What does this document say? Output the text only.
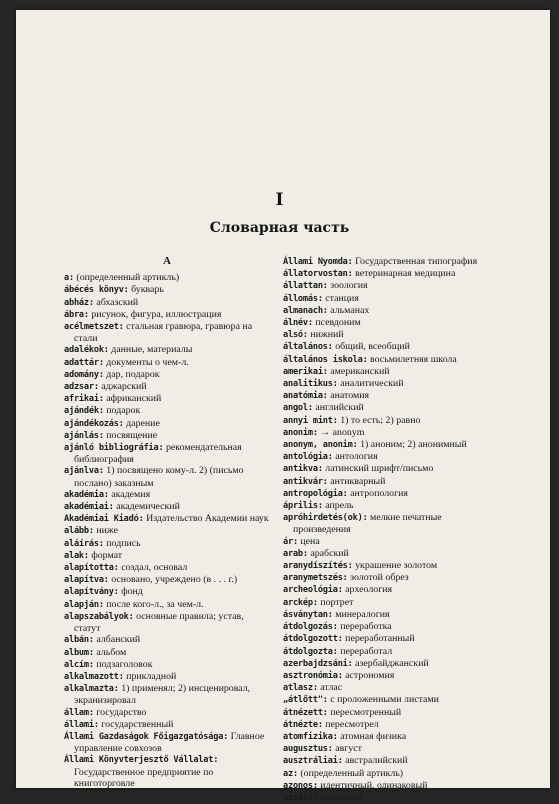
I
Словарная часть
A
a: (определенный артикль)
ábécés könyv: букварь
abház: абхазский
ábra: рисунок, фигура, иллюстрация
acélmetszet: стальная гравюра, гравюра на стали
adalékok: данные, материалы
adattár: документы о чем-л.
adomány: дар, подарок
adzsar: аджарский
afrikai: африканский
ajándék: подарок
ajándékozás: дарение
ajánlás: посвящение
ajánló bibliográfia: рекомендательная библиография
ajánlva: 1) посвящено кому-л. 2) (письмо послано) заказным
akadémia: академия
akadémiai: академический
Akadémiai Kiadó: Издательство Академии наук
alább: ниже
aláírás: подпись
alak: формат
alapította: создал, основал
alapítva: основано, учреждено (в . . . г.)
alapítvány: фонд
alapján: после кого-л., за чем-л.
alapszabályok: основные правила; устав, статут
albán: албанский
album: альбом
alcím: подзаголовок
alkalmazott: прикладной
alkalmazta: 1) применял; 2) инсценировал, экранизировал
állam: государство
állami: государственный
Állami Gazdaságok Főigazgatósága: Главное управление совхозов
Állami Könyvterjesztő Vállalat: Государственное предприятие по книготорговле
Állami Nyomda: Государственная типография
állatorvostan: ветеринарная медицина
állattan: зоология
állomás: станция
almanach: альманах
álnév: псевдоним
alsó: нижний
általános: общий, всеобщий
általános iskola: восьмилетняя школа
amerikai: американский
analitikus: аналитический
anatómia: анатомия
angol: английский
annyi mint: 1) то есть; 2) равно
anonim: → anonym
anonym, anonim: 1) аноним; 2) анонимный
antológia: антология
antikva: латинский шрифт/письмо
antikvár: антикварный
antropológia: антропология
április: апрель
apróhirdetés(ok): мелкие печатные произведения
ár: цена
arab: арабский
aranydíszítés: украшение золотом
aranymetszés: золотой обрез
archeológia: археология
arckép: портрет
ásványtan: минералогия
átdolgozás: переработка
átdolgozott: переработанный
átdolgozta: переработал
azerbajdzsáni: азербайджанский
asztronómia: астрономия
atlasz: атлас
„átlőtt": с проложенными листами
átnézett: пересмотренный
átnézte: пересмотрел
atomfizika: атомная физика
augusztus: август
ausztráliai: австралийский
az: (определенный артикль)
azonos: идентичный, одинаковый
ázsiai: азиатский
